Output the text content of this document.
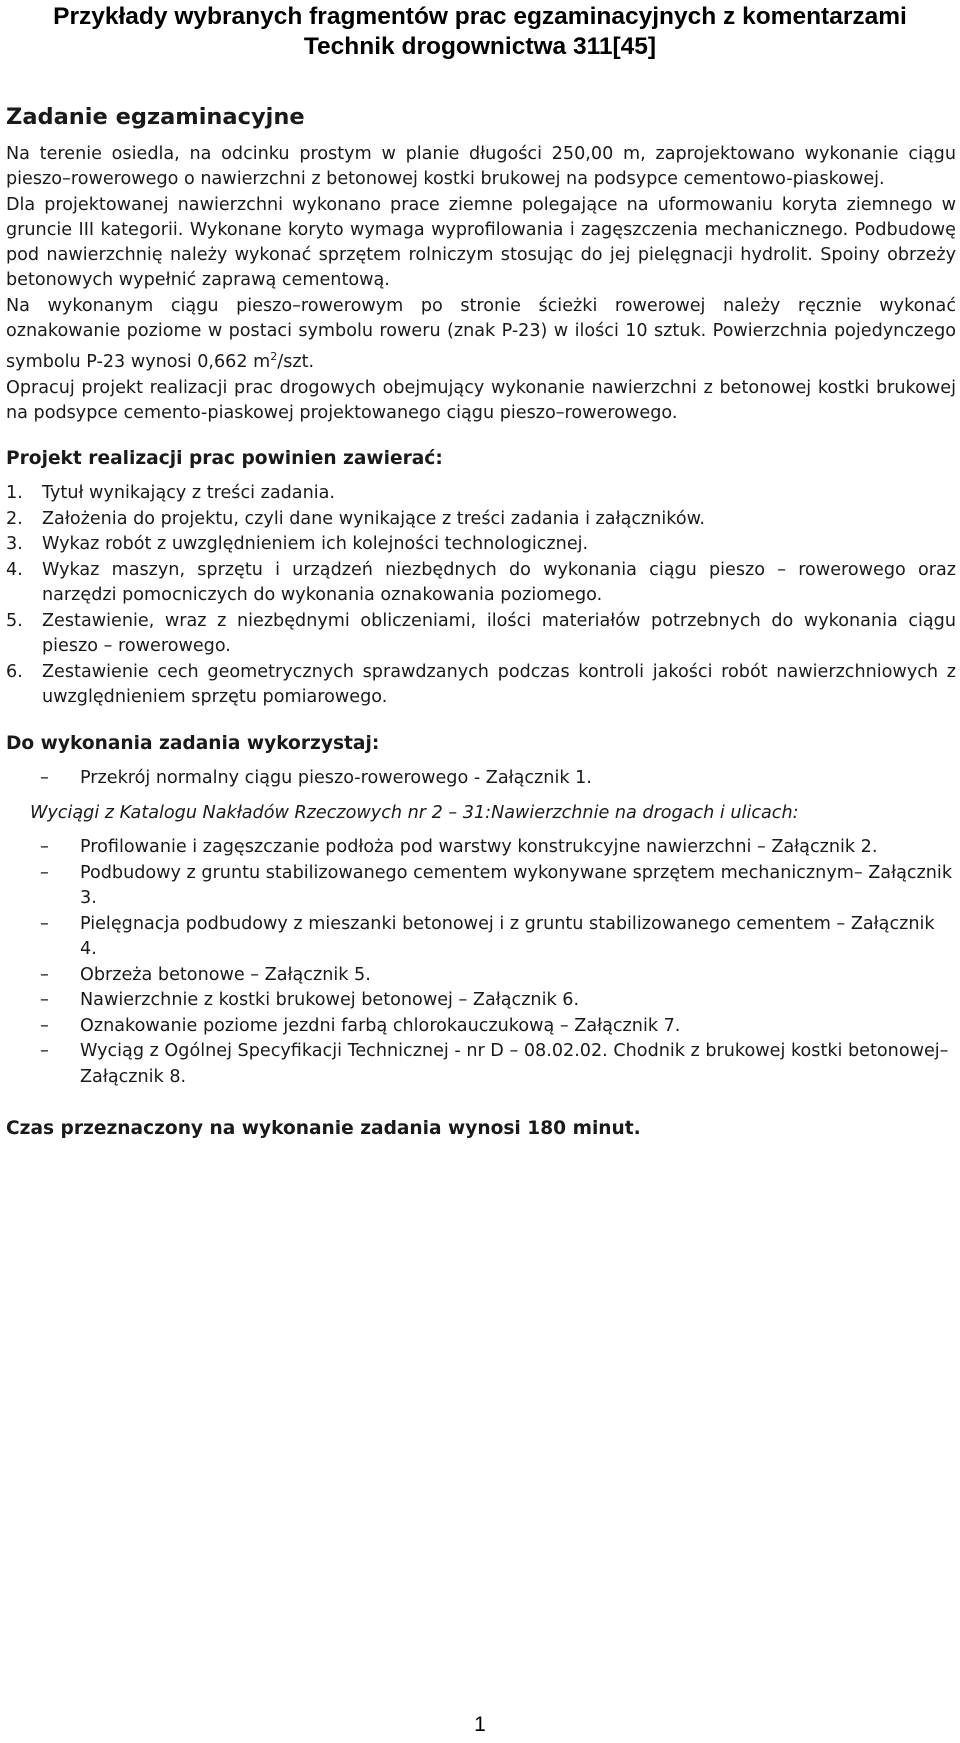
Przykłady wybranych fragmentów prac egzaminacyjnych z komentarzami
Technik drogownictwa 311[45]
Zadanie egzaminacyjne

Na terenie osiedla, na odcinku prostym w planie długości 250,00 m, zaprojektowano wykonanie ciągu pieszo–rowerowego o nawierzchni z betonowej kostki brukowej na podsypce cementowo-piaskowej.

Dla projektowanej nawierzchni wykonano prace ziemne polegające na uformowaniu koryta ziemnego w gruncie III kategorii. Wykonane koryto wymaga wyprofilowania i zagęszczenia mechanicznego. Podbudowę pod nawierzchnię należy wykonać sprzętem rolniczym stosując do jej pielęgnacji hydrolit. Spoiny obrzeży betonowych wypełnić zaprawą cementową.

Na wykonanym ciągu pieszo–rowerowym po stronie ścieżki rowerowej należy ręcznie wykonać oznakowanie poziome w postaci symbolu roweru (znak P-23) w ilości 10 sztuk. Powierzchnia pojedynczego symbolu P-23 wynosi 0,662 $m^2$/szt.

Opracuj projekt realizacji prac drogowych obejmujący wykonanie nawierzchni z betonowej kostki brukowej na podsypce cemento-piaskowej projektowanego ciągu pieszo–rowerowego.

Projekt realizacji prac powinien zawierać:
1.	Tytuł wynikający z treści zadania.
2.	Założenia do projektu, czyli dane wynikające z treści zadania i załączników.
3.	Wykaz robót z uwzględnieniem ich kolejności technologicznej.
4.	Wykaz maszyn, sprzętu i urządzeń niezbędnych do wykonania ciągu pieszo – rowerowego oraz narzędzi pomocniczych do wykonania oznakowania poziomego.
5.	Zestawienie, wraz z niezbędnymi obliczeniami, ilości materiałów potrzebnych do wykonania ciągu pieszo – rowerowego.
6.	Zestawienie cech geometrycznych sprawdzanych podczas kontroli jakości robót nawierzchniowych z uwzględnieniem sprzętu pomiarowego.
Do wykonania zadania wykorzystaj:
–	Przekrój normalny ciągu pieszo-rowerowego - Załącznik 1.
Wyciągi z Katalogu Nakładów Rzeczowych nr 2 – 31:Nawierzchnie na drogach i ulicach:
–	Profilowanie i zagęszczanie podłoża pod warstwy konstrukcyjne nawierzchni – Załącznik 2.
–	Podbudowy z gruntu stabilizowanego cementem wykonywane sprzętem mechanicznym– Załącznik 3.
–	Pielęgnacja podbudowy z mieszanki betonowej i z gruntu stabilizowanego cementem – Załącznik 4.
–	Obrzeża betonowe – Załącznik 5.
–	Nawierzchnie z kostki brukowej betonowej – Załącznik 6.
–	Oznakowanie poziome jezdni farbą chlorokauczukową – Załącznik 7.
–	Wyciąg z Ogólnej Specyfikacji Technicznej - nr D – 08.02.02. Chodnik z brukowej kostki betonowej– Załącznik 8.
Czas przeznaczony na wykonanie zadania wynosi 180 minut.
1
